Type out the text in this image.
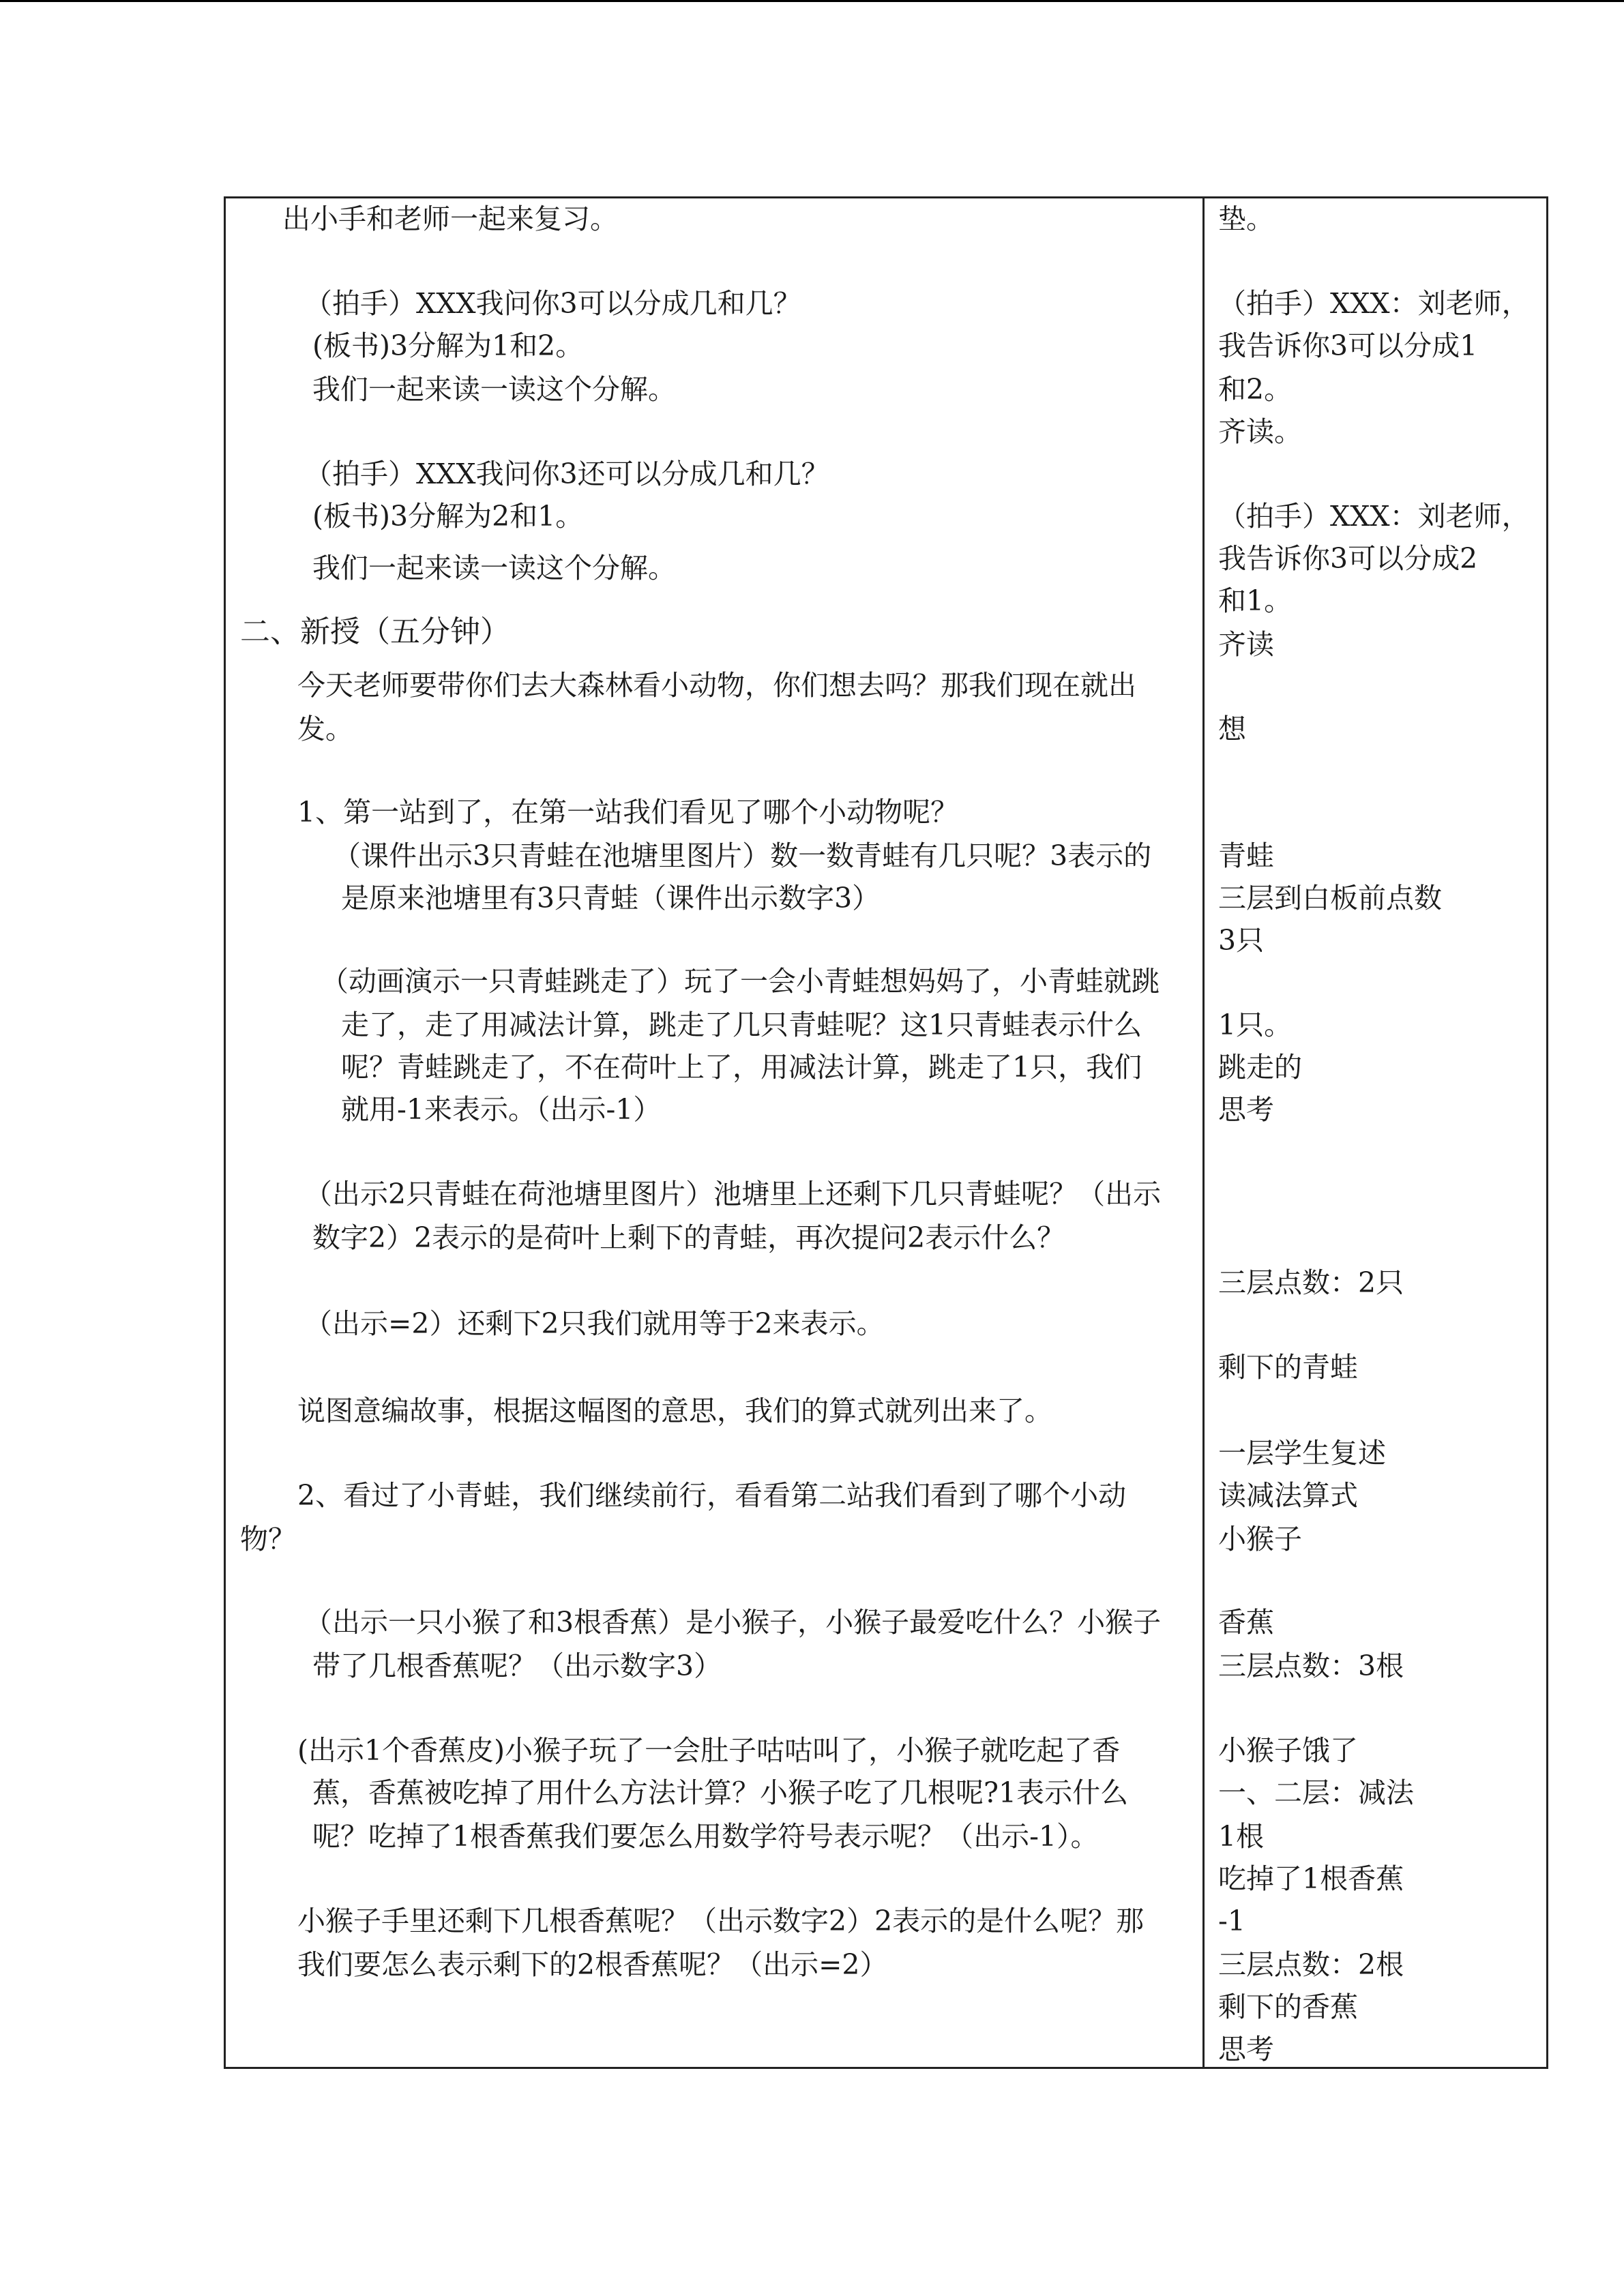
出小手和老师一起来复习。
（拍手）XXX我问你3可以分成几和几？
(板书)3分解为1和2。
我们一起来读一读这个分解。
（拍手）XXX我问你3还可以分成几和几？
(板书)3分解为2和1。
我们一起来读一读这个分解。
二、新授（五分钟）
今天老师要带你们去大森林看小动物，你们想去吗？那我们现在就出
发。
1、第一站到了，在第一站我们看见了哪个小动物呢？
（课件出示3只青蛙在池塘里图片）数一数青蛙有几只呢？3表示的
是原来池塘里有3只青蛙（课件出示数字3）
（动画演示一只青蛙跳走了）玩了一会小青蛙想妈妈了，小青蛙就跳
走了，走了用减法计算，跳走了几只青蛙呢？这1只青蛙表示什么
呢？青蛙跳走了，不在荷叶上了，用减法计算，跳走了1只，我们
就用-1来表示。（出示-1）
（出示2只青蛙在荷池塘里图片）池塘里上还剩下几只青蛙呢？（出示
数字2）2表示的是荷叶上剩下的青蛙，再次提问2表示什么？
（出示=2）还剩下2只我们就用等于2来表示。
说图意编故事，根据这幅图的意思，我们的算式就列出来了。
2、看过了小青蛙，我们继续前行，看看第二站我们看到了哪个小动
物？
（出示一只小猴了和3根香蕉）是小猴子，小猴子最爱吃什么？小猴子
带了几根香蕉呢？（出示数字3）
(出示1个香蕉皮)小猴子玩了一会肚子咕咕叫了，小猴子就吃起了香
蕉，香蕉被吃掉了用什么方法计算？小猴子吃了几根呢?1表示什么
呢？吃掉了1根香蕉我们要怎么用数学符号表示呢？（出示-1）。
小猴子手里还剩下几根香蕉呢？（出示数字2）2表示的是什么呢？那
我们要怎么表示剩下的2根香蕉呢？（出示=2）
垫。
（拍手）XXX：刘老师，
我告诉你3可以分成1
和2。
齐读。
（拍手）XXX：刘老师，
我告诉你3可以分成2
和1。
齐读
想
青蛙
三层到白板前点数
3只
1只。
跳走的
思考
三层点数：2只
剩下的青蛙
一层学生复述
读减法算式
小猴子
香蕉
三层点数：3根
小猴子饿了
一、二层：减法
1根
吃掉了1根香蕉
-1
三层点数：2根
剩下的香蕉
思考
